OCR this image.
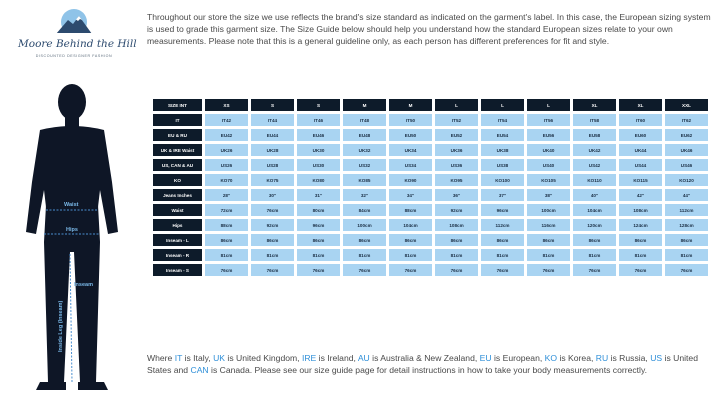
Moore Behind the Hill
DISCOUNTED DESIGNER FASHION
Throughout our store the size we use reflects the brand's size standard as indicated on the garment's label. In this case, the European sizing system is used to grade this garment size. The Size Guide below should help you understand how the standard European sizes relate to your own measurements. Please note that this is a general guideline only, as each person has different preferences for fit and style.
Waist
Hips
Inseam
Inside Leg (Inseam)
SIZE INT	XS	S	S	M	M	L	L	L	XL	XL	XXL
IT	IT42	IT44	IT46	IT48	IT50	IT52	IT54	IT56	IT58	IT60	IT62
EU & RU	EU42	EU44	EU46	EU48	EU50	EU52	EU54	EU56	EU58	EU60	EU62
UK & IRE Waist	UK26	UK28	UK30	UK32	UK34	UK36	UK38	UK40	UK42	UK44	UK46
US, CAN & AU	US26	US28	US30	US32	US34	US36	US38	US40	US42	US44	US46
KO	KO70	KO75	KO80	KO85	KO90	KO95	KO100	KO105	KO110	KO115	KO120
Jeans Inches	28"	30"	31"	32"	34"	36"	37"	38"	40"	42"	44"
Waist	72cm	76cm	80cm	84cm	88cm	92cm	96cm	100cm	104cm	108cm	112cm
Hips	88cm	92cm	96cm	100cm	104cm	108cm	112cm	116cm	120cm	124cm	128cm
Inseam - L	86cm	86cm	86cm	86cm	86cm	86cm	86cm	86cm	86cm	86cm	86cm
Inseam - R	81cm	81cm	81cm	81cm	81cm	81cm	81cm	81cm	81cm	81cm	81cm
Inseam - S	76cm	76cm	76cm	76cm	76cm	76cm	76cm	76cm	76cm	76cm	76cm
Where IT is Italy, UK is United Kingdom, IRE is Ireland, AU is Australia & New Zealand, EU is European, KO is Korea, RU is Russia, US is United States and CAN is Canada. Please see our size guide page for detail instructions in how to take your body measurements correctly.
